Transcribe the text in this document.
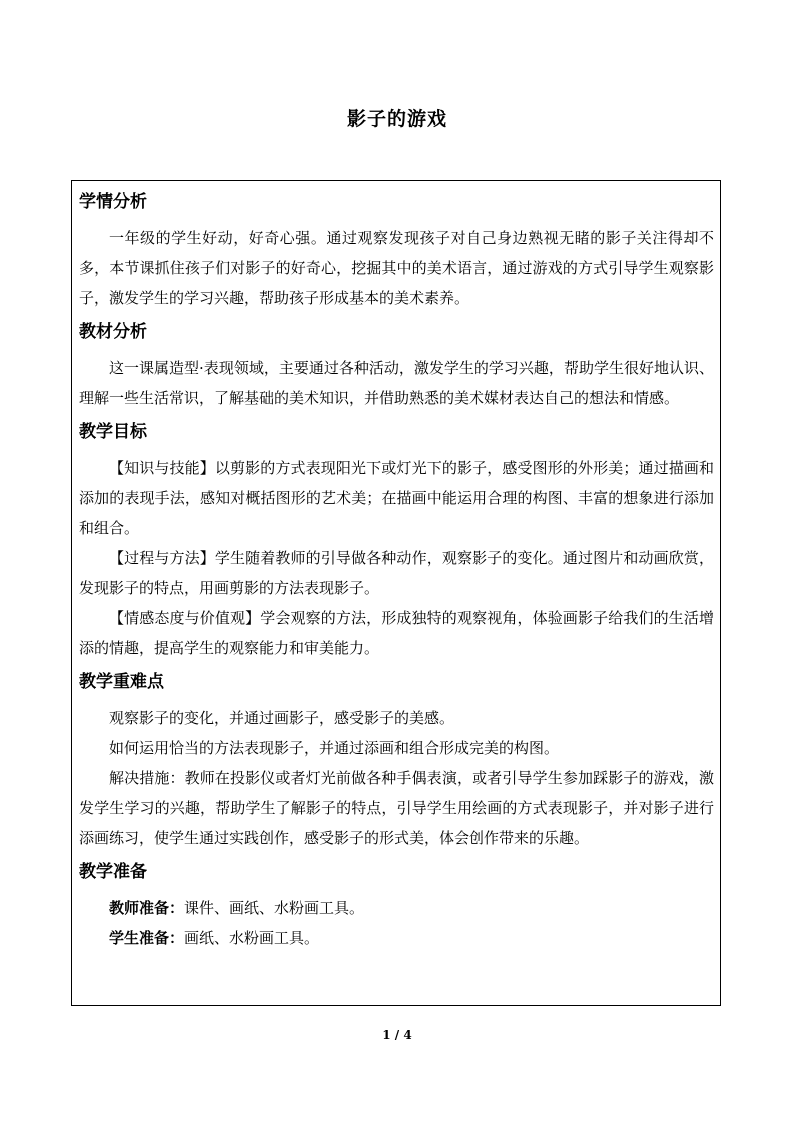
影子的游戏
学情分析

一年级的学生好动，好奇心强。通过观察发现孩子对自己身边熟视无睹的影子关注得却不多，本节课抓住孩子们对影子的好奇心，挖掘其中的美术语言，通过游戏的方式引导学生观察影子，激发学生的学习兴趣，帮助孩子形成基本的美术素养。

教材分析

这一课属造型·表现领域，主要通过各种活动，激发学生的学习兴趣，帮助学生很好地认识、理解一些生活常识，了解基础的美术知识，并借助熟悉的美术媒材表达自己的想法和情感。

教学目标

【知识与技能】以剪影的方式表现阳光下或灯光下的影子，感受图形的外形美；通过描画和添加的表现手法，感知对概括图形的艺术美；在描画中能运用合理的构图、丰富的想象进行添加和组合。

【过程与方法】学生随着教师的引导做各种动作，观察影子的变化。通过图片和动画欣赏，发现影子的特点，用画剪影的方法表现影子。

【情感态度与价值观】学会观察的方法，形成独特的观察视角，体验画影子给我们的生活增添的情趣，提高学生的观察能力和审美能力。

教学重难点

观察影子的变化，并通过画影子，感受影子的美感。

如何运用恰当的方法表现影子，并通过添画和组合形成完美的构图。

解决措施：教师在投影仪或者灯光前做各种手偶表演，或者引导学生参加踩影子的游戏，激发学生学习的兴趣，帮助学生了解影子的特点，引导学生用绘画的方式表现影子，并对影子进行添画练习，使学生通过实践创作，感受影子的形式美，体会创作带来的乐趣。

教学准备

教师准备：课件、画纸、水粉画工具。

学生准备：画纸、水粉画工具。

1 / 4
